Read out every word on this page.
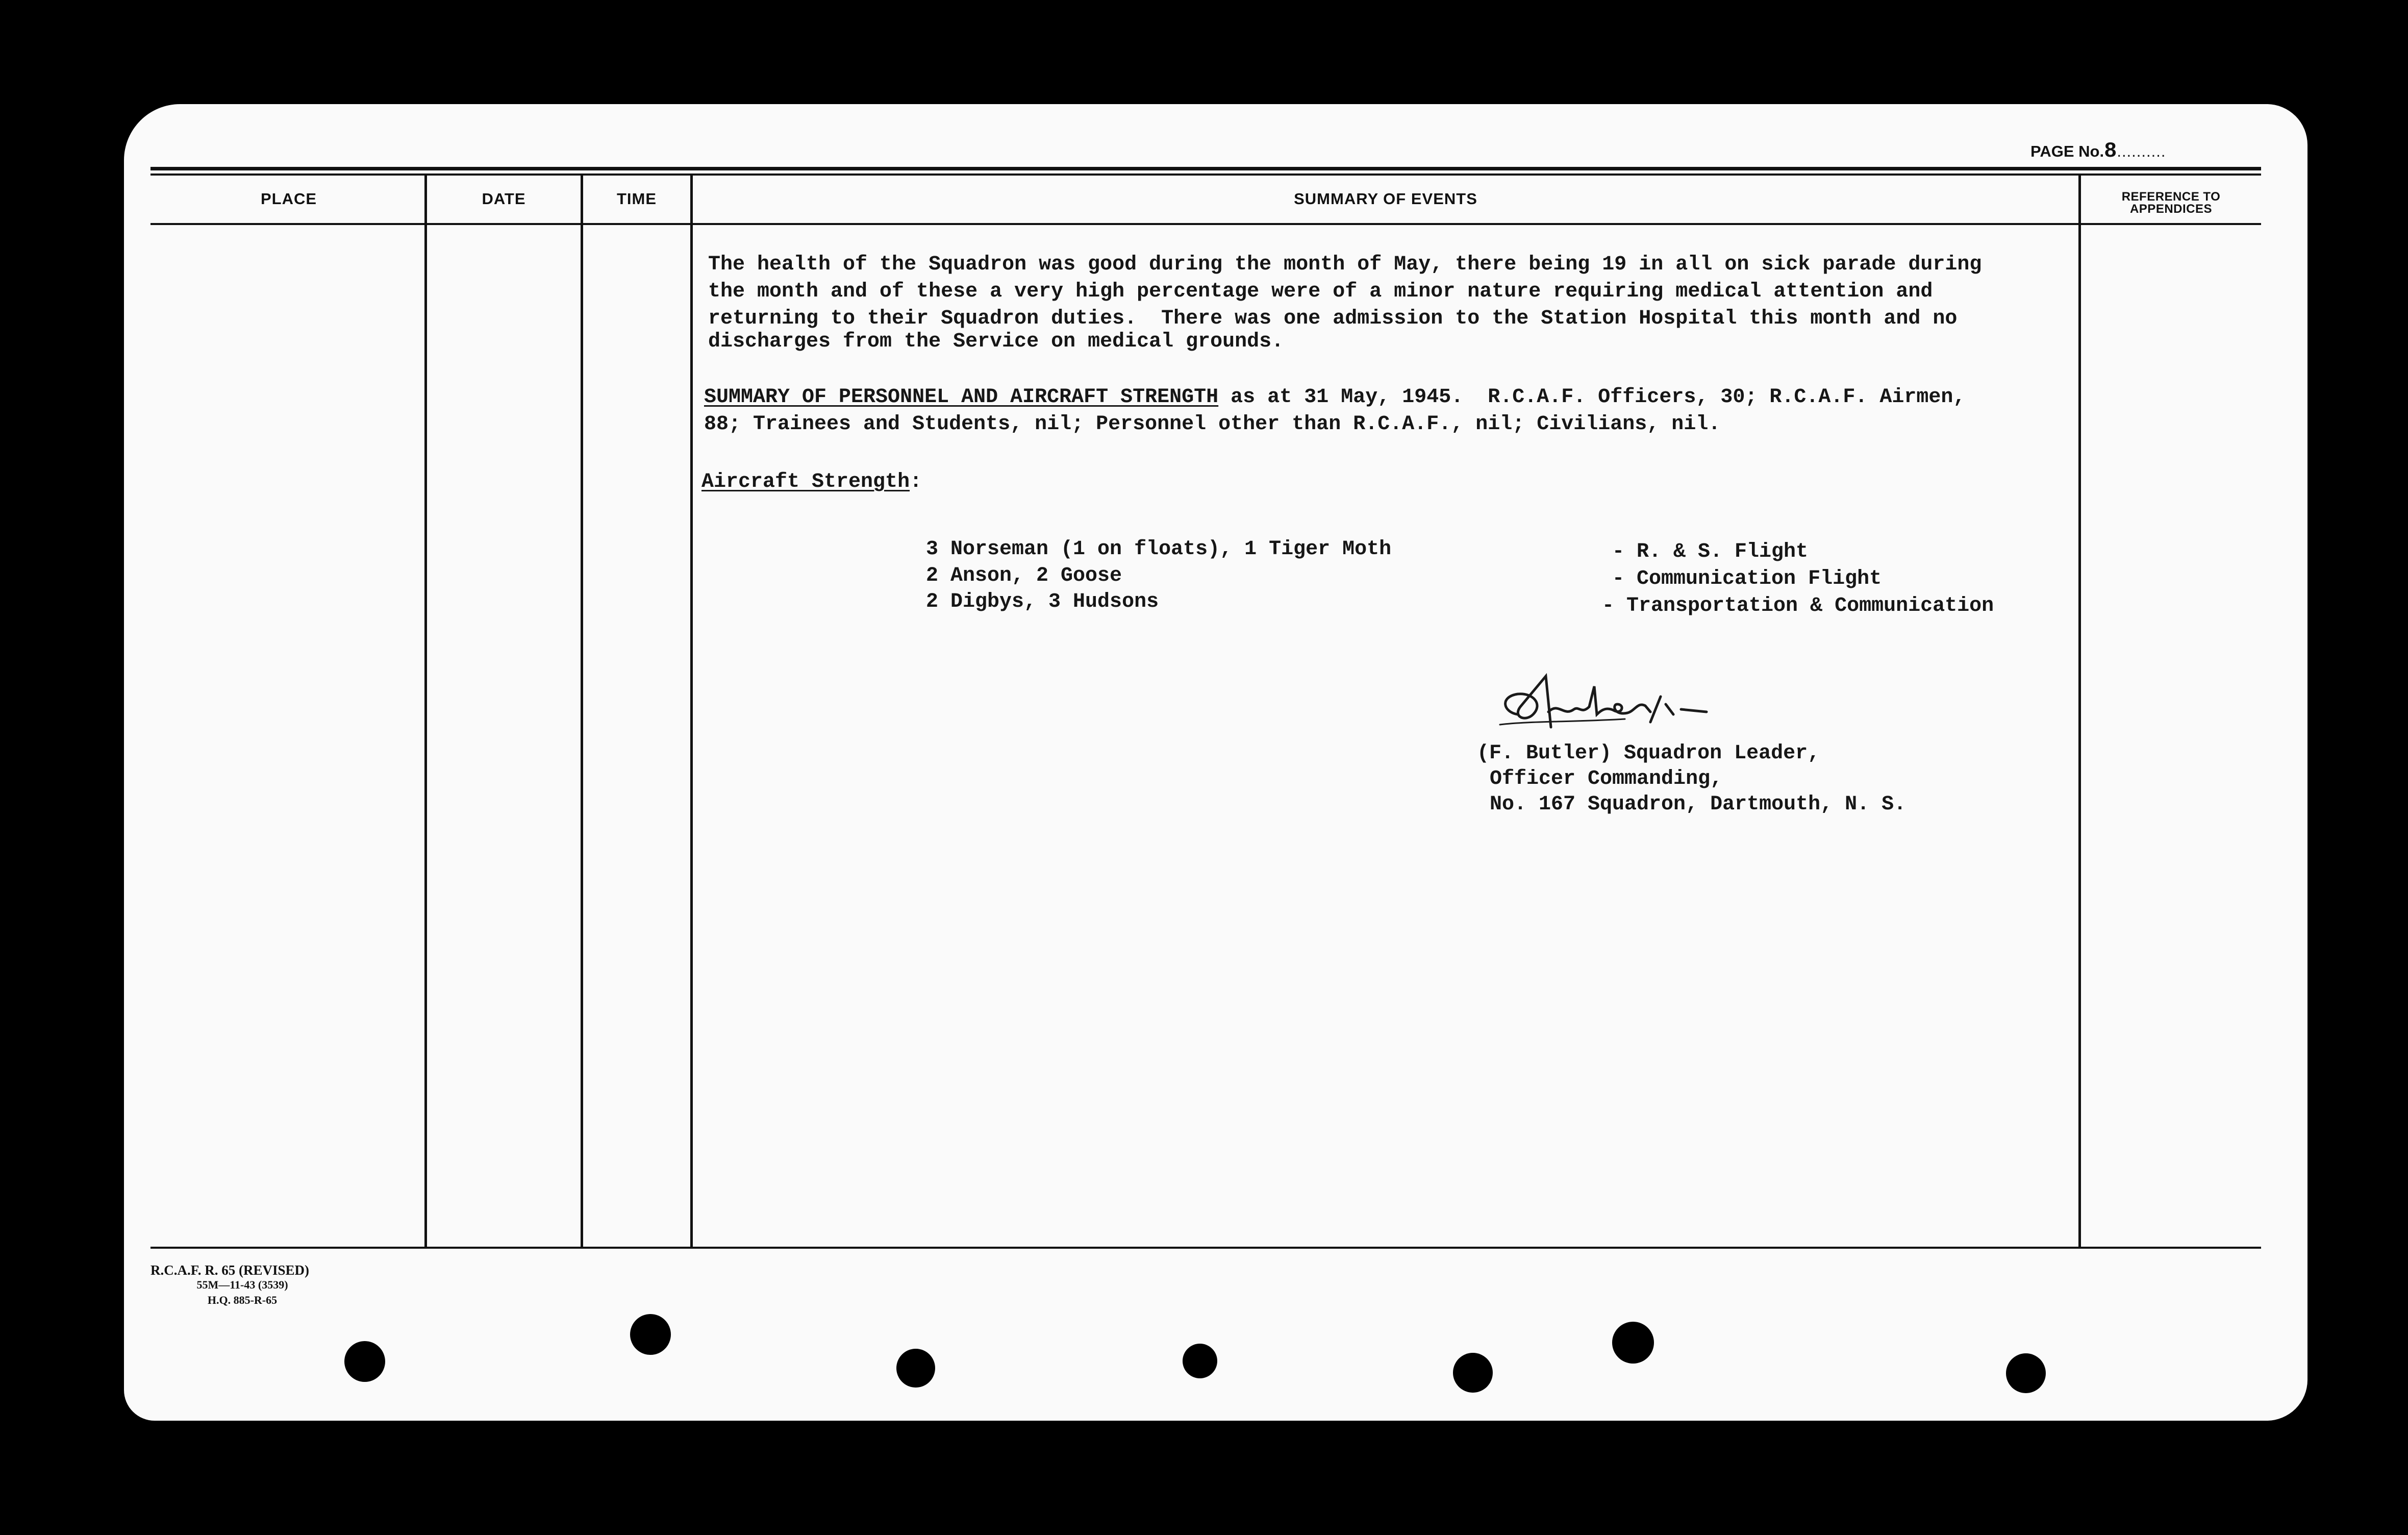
PAGE No.8..........
PLACE	DATE	TIME	SUMMARY OF EVENTS	REFERENCE TO
APPENDICES
The health of the Squadron was good during the month of May, there being 19 in all on sick parade during
the month and of these a very high percentage were of a minor nature requiring medical attention and
returning to their Squadron duties.  There was one admission to the Station Hospital this month and no
discharges from the Service on medical grounds.
SUMMARY OF PERSONNEL AND AIRCRAFT STRENGTH as at 31 May, 1945.  R.C.A.F. Officers, 30; R.C.A.F. Airmen,
88; Trainees and Students, nil; Personnel other than R.C.A.F., nil; Civilians, nil.
Aircraft Strength:
3 Norseman (1 on floats), 1 Tiger Moth	- R. & S. Flight
2 Anson, 2 Goose	- Communication Flight
2 Digbys, 3 Hudsons	- Transportation & Communication
(F. Butler) Squadron Leader,
Officer Commanding,
No. 167 Squadron, Dartmouth, N. S.
R.C.A.F. R. 65 (REVISED)
55M—11-43 (3539)
H.Q. 885-R-65
